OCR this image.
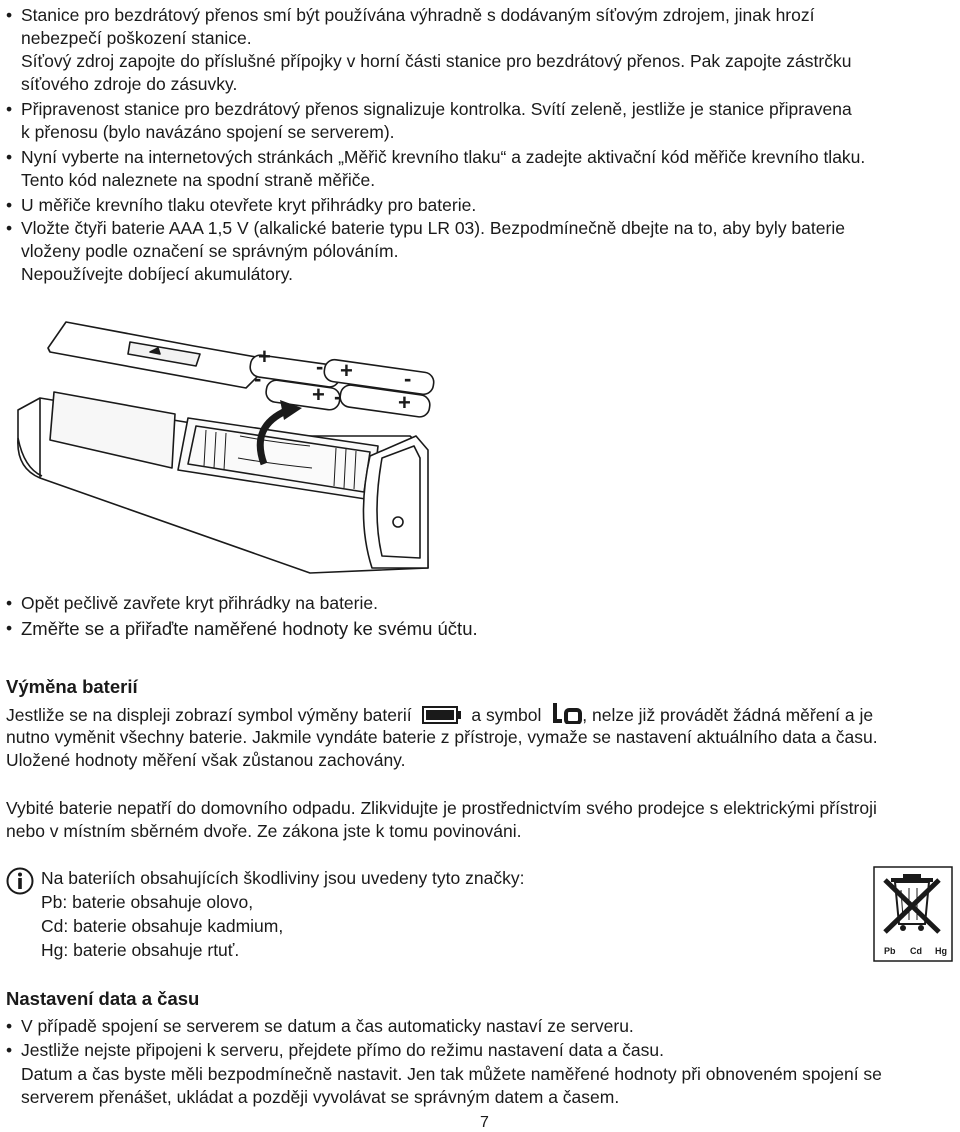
• Stanice pro bezdrátový přenos smí být používána výhradně s dodávaným síťovým zdrojem, jinak hrozí
nebezpečí poškození stanice.
Síťový zdroj zapojte do příslušné přípojky v horní části stanice pro bezdrátový přenos. Pak zapojte zástrčku
síťového zdroje do zásuvky.
• Připravenost stanice pro bezdrátový přenos signalizuje kontrolka. Svítí zeleně, jestliže je stanice připravena
k přenosu (bylo navázáno spojení se serverem).
• Nyní vyberte na internetových stránkách „Měřič krevního tlaku“ a zadejte aktivační kód měřiče krevního tlaku.
Tento kód naleznete na spodní straně měřiče.
• U měřiče krevního tlaku otevřete kryt přihrádky pro baterie.
• Vložte čtyři baterie AAA 1,5 V (alkalické baterie typu LR 03). Bezpodmínečně dbejte na to, aby byly baterie
vloženy podle označení se správným pólováním.
Nepoužívejte dobíjecí akumulátory.
+
- - + -
+ -	+
• Opět pečlivě zavřete kryt přihrádky na baterie.
• Změřte se a přiřaďte naměřené hodnoty ke svému účtu.
Výměna baterií
Jestliže se na displeji zobrazí symbol výměny baterií	a symbol , nelze již provádět žádná měření a je
nutno vyměnit všechny baterie. Jakmile vyndáte baterie z přístroje, vymaže se nastavení aktuálního data a času.
Uložené hodnoty měření však zůstanou zachovány.
Vybité baterie nepatří do domovního odpadu. Zlikvidujte je prostřednictvím svého prodejce s elektrickými přístroji
nebo v místním sběrném dvoře. Ze zákona jste k tomu povinováni.
Na bateriích obsahujících škodliviny jsou uvedeny tyto značky:
Pb: baterie obsahuje olovo,
Cd: baterie obsahuje kadmium,
Hg: baterie obsahuje rtuť.	Pb Cd Hg
Nastavení data a času
• V případě spojení se serverem se datum a čas automaticky nastaví ze serveru.
• Jestliže nejste připojeni k serveru, přejdete přímo do režimu nastavení data a času.
Datum a čas byste měli bezpodmínečně nastavit. Jen tak můžete naměřené hodnoty při obnoveném spojení se
serverem přenášet, ukládat a později vyvolávat se správným datem a časem.
7
